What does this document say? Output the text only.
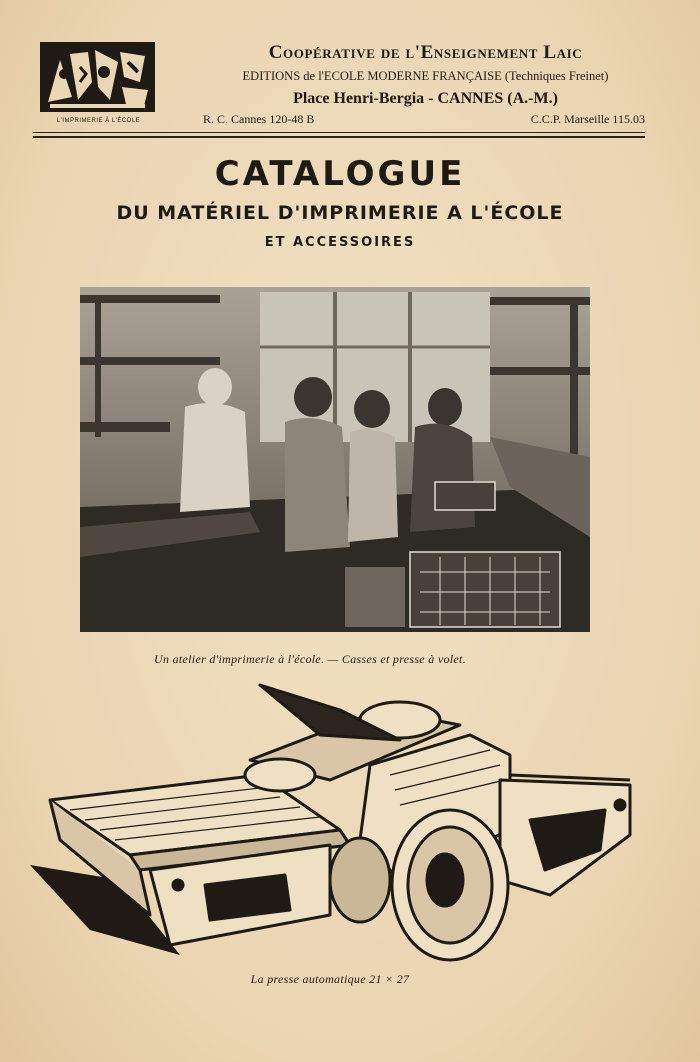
L'IMPRIMERIE À L'ÉCOLE
Coopérative de l'Enseignement Laic
EDITIONS de l'ECOLE MODERNE FRANÇAISE (Techniques Freinet)
Place Henri-Bergia - CANNES (A.-M.)
R. C. Cannes 120-48 B	C.C.P. Marseille 115.03
CATALOGUE
DU MATÉRIEL D'IMPRIMERIE A L'ÉCOLE
ET ACCESSOIRES
Un atelier d'imprimerie à l'école. — Casses et presse à volet.
La presse automatique 21 × 27
